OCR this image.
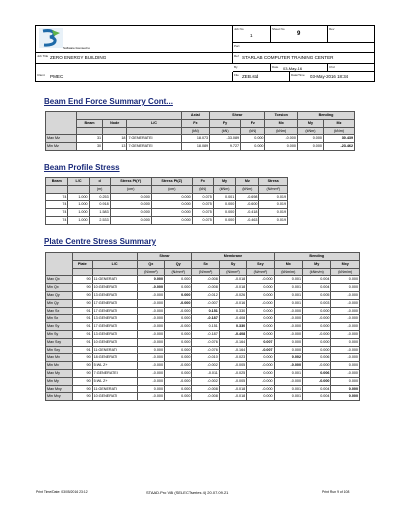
Software licensed to
Job No
1
Sheet No
9
Rev
Part
Job Title ZERO ENERGY BUILDING	Ref STARLAB COMPUTER TRAINING CENTER
By	Date 03-May-16	Chd
Client PMEC	File ZEB.std	Date/Time 03-May-2016 18:34
Beam End Force Summary Cont...
				Axial	Shear		Torsion	Bending	
	Beam	Node	L/C	Fx	Fy	Fz	Mx	My	Mz
				(kN)	(kN)	(kN)	(kNm)	(kNm)	(kNm)
Max Mz	31	18	7:GENERATEI	18.073	-33.089	0.000	-0.000	0.000	30.439
Min Mz	30	13	7:GENERATEI	18.089	9.727	0.000	0.000	0.000	-23.462
Beam Profile Stress
Beam	L/C	d	Stress Pt(Y)	Stress Pt(Z)	Fx	My	Mz	Stress
		(m)	(cm)	(cm)	(kN)	(kNm)	(kNm)	(N/mm²)
74	1.000	0.253	0.000	0.000	0.075	0.001	-0.698	0.019
74	1.000	0.918	0.000	0.000	0.075	0.000	-0.600	0.019
74	1.000	1.583	0.000	0.000	0.075	0.000	-0.418	0.019
74	1.000	2.533	0.000	0.000	0.075	0.000	-0.463	0.019
Plate Centre Stress Summary
			Shear		Membrane			Bending		
	Plate	L/C	Qx	Qy	Sx	Sy	Sxy	Mx	My	Mxy
			(N/mm²)	(N/mm²)	(N/mm²)	(N/mm²)	(N/mm²)	(kNm/m)	(kNm/m)	(kNm/m)
Max Qx	90	11:GENERATI	0.000	0.000	-0.008	-0.018	-0.000	0.001	0.004	0.000
Min Qx	90	10:GENERATI	-0.000	0.000	-0.008	-0.018	0.000	0.001	0.004	0.000
Max Qy	90	13:GENERATI	-0.000	0.000	-0.012	-0.026	0.000	0.001	0.005	-0.000
Min Qy	90	17:GENERATI	-0.000	-0.000	-0.007	-0.016	-0.000	0.001	0.003	-0.000
Max Sx	91	17:GENERATI	-0.000	-0.000	0.151	0.330	0.000	-0.000	0.000	-0.000
Min Sx	91	13:GENERATI	-0.000	0.000	-0.187	-0.408	0.000	-0.000	-0.000	-0.000
Max Sy	91	17:GENERATI	-0.000	-0.000	0.151	0.330	0.000	-0.000	0.000	-0.000
Min Sy	91	13:GENERATI	-0.000	0.000	-0.187	-0.408	0.000	-0.000	-0.000	-0.000
Max Sxy	91	10:GENERATI	-0.000	0.000	-0.076	-0.164	0.007	0.000	0.000	0.000
Min Sxy	91	11:GENERATI	0.000	0.000	-0.076	-0.164	-0.007	0.000	0.000	-0.000
Max Mx	90	18:GENERATI	-0.000	0.000	-0.010	-0.023	0.000	0.002	0.006	-0.000
Min Mx	90	5:WL Z+	-0.000	-0.000	-0.002	-0.005	-0.000	-0.000	-0.000	0.000
Max My	90	7:GENERATEI	-0.000	0.000	-0.011	-0.025	0.000	0.001	0.006	-0.000
Min My	90	5:WL Z+	-0.000	-0.000	-0.002	-0.005	-0.000	-0.000	-0.000	0.000
Max Mxy	90	11:GENERATI	0.000	0.000	-0.008	-0.018	-0.000	0.001	0.004	0.000
Min Mxy	90	10:GENERATI	-0.000	0.000	-0.008	-0.018	0.000	0.001	0.004	0.000
Print Time/Date: 03/05/2016 23:12	STAAD.Pro V8i (SELECTseries 4) 20.07.09.21	Print Run 9 of 108
